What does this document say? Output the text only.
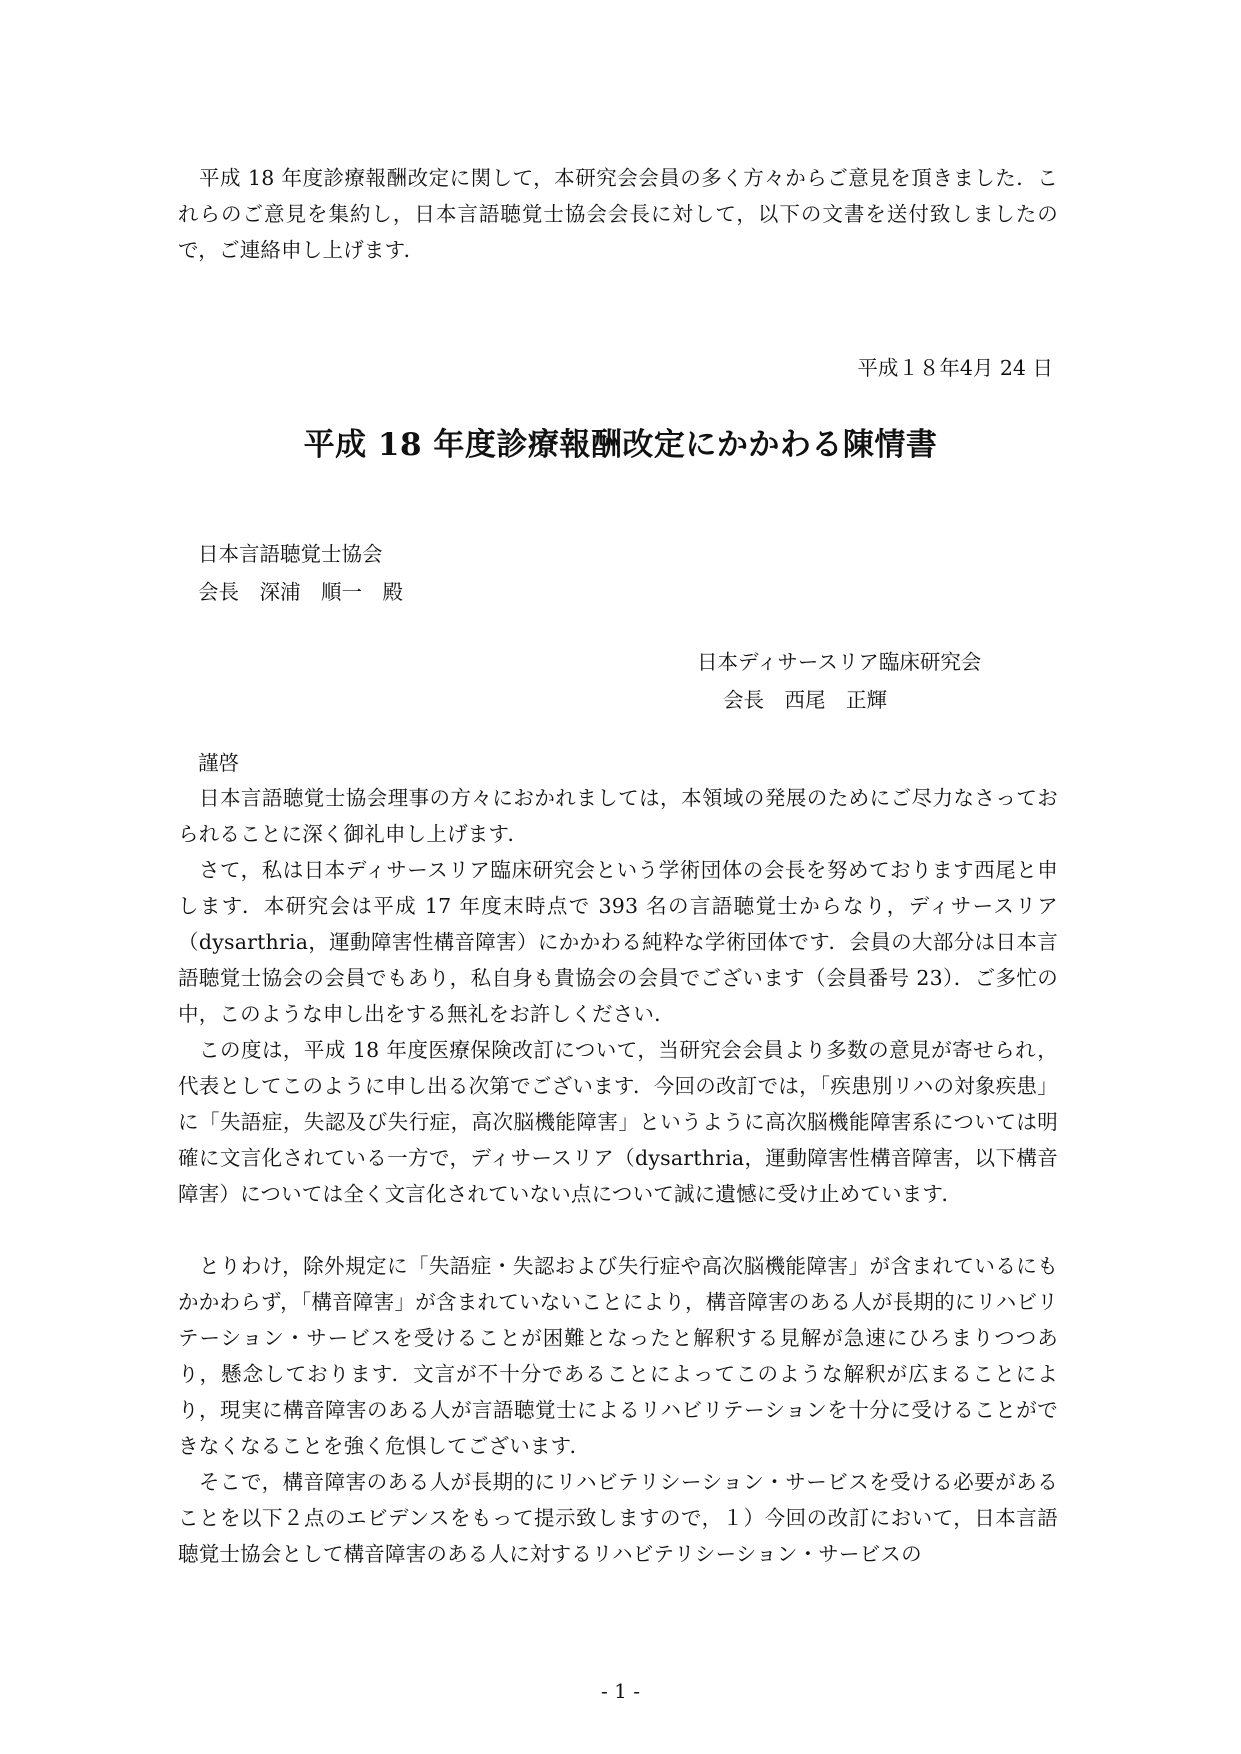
平成 18 年度診療報酬改定に関して，本研究会会員の多く方々からご意見を頂きました．これらのご意見を集約し，日本言語聴覚士協会会長に対して，以下の文書を送付致しましたので，ご連絡申し上げます．

平成１８年4月 24 日

平成 18 年度診療報酬改定にかかわる陳情書

日本言語聴覚士協会

会長　深浦　順一　殿

日本ディサースリア臨床研究会

会長　西尾　正輝

謹啓

日本言語聴覚士協会理事の方々におかれましては，本領域の発展のためにご尽力なさっておられることに深く御礼申し上げます．

さて，私は日本ディサースリア臨床研究会という学術団体の会長を努めております西尾と申します．本研究会は平成 17 年度末時点で 393 名の言語聴覚士からなり，ディサースリア（dysarthria，運動障害性構音障害）にかかわる純粋な学術団体です．会員の大部分は日本言語聴覚士協会の会員でもあり，私自身も貴協会の会員でございます（会員番号 23）．ご多忙の中，このような申し出をする無礼をお許しください．

この度は，平成 18 年度医療保険改訂について，当研究会会員より多数の意見が寄せられ，代表としてこのように申し出る次第でございます．今回の改訂では，「疾患別リハの対象疾患」に「失語症，失認及び失行症，高次脳機能障害」というように高次脳機能障害系については明確に文言化されている一方で，ディサースリア（dysarthria，運動障害性構音障害，以下構音障害）については全く文言化されていない点について誠に遺憾に受け止めています．

とりわけ，除外規定に「失語症・失認および失行症や高次脳機能障害」が含まれているにもかかわらず，「構音障害」が含まれていないことにより，構音障害のある人が長期的にリハビリテーション・サービスを受けることが困難となったと解釈する見解が急速にひろまりつつあり，懸念しております．文言が不十分であることによってこのような解釈が広まることにより，現実に構音障害のある人が言語聴覚士によるリハビリテーションを十分に受けることができなくなることを強く危惧してございます．

そこで，構音障害のある人が長期的にリハビテリシーション・サービスを受ける必要があることを以下２点のエビデンスをもって提示致しますので，１）今回の改訂において，日本言語聴覚士協会として構音障害のある人に対するリハビテリシーション・サービスの

- 1 -
